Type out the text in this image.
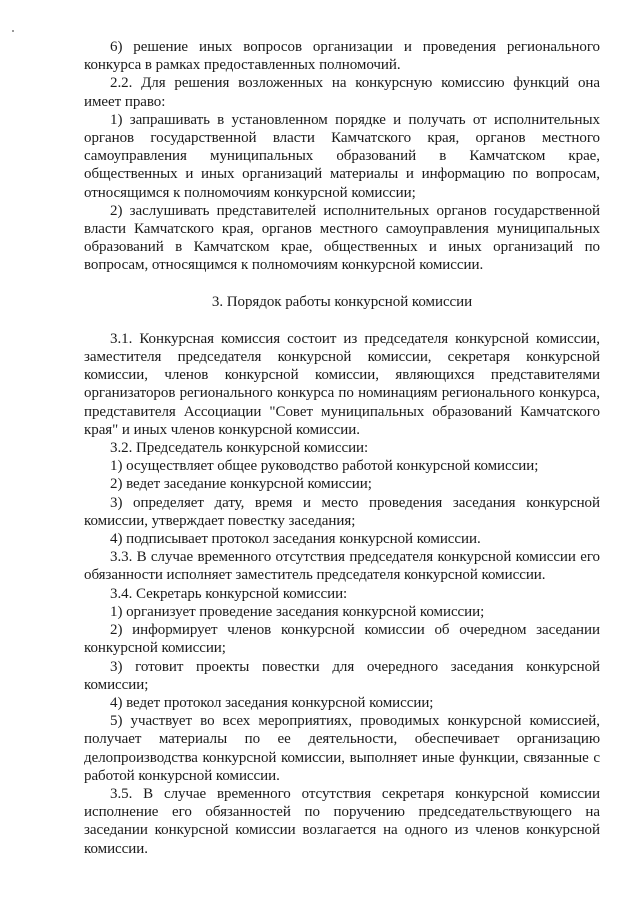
6) решение иных вопросов организации и проведения регионального конкурса в рамках предоставленных полномочий.

2.2. Для решения возложенных на конкурсную комиссию функций она имеет право:

1) запрашивать в установленном порядке и получать от исполнительных органов государственной власти Камчатского края, органов местного самоуправления муниципальных образований в Камчатском крае, общественных и иных организаций материалы и информацию по вопросам, относящимся к полномочиям конкурсной комиссии;

2) заслушивать представителей исполнительных органов государственной власти Камчатского края, органов местного самоуправления муниципальных образований в Камчатском крае, общественных и иных организаций по вопросам, относящимся к полномочиям конкурсной комиссии.

3. Порядок работы конкурсной комиссии

3.1. Конкурсная комиссия состоит из председателя конкурсной комиссии, заместителя председателя конкурсной комиссии, секретаря конкурсной комиссии, членов конкурсной комиссии, являющихся представителями организаторов регионального конкурса по номинациям регионального конкурса, представителя Ассоциации "Совет муниципальных образований Камчатского края" и иных членов конкурсной комиссии.

3.2. Председатель конкурсной комиссии:

1) осуществляет общее руководство работой конкурсной комиссии;

2) ведет заседание конкурсной комиссии;

3) определяет дату, время и место проведения заседания конкурсной комиссии, утверждает повестку заседания;

4) подписывает протокол заседания конкурсной комиссии.

3.3. В случае временного отсутствия председателя конкурсной комиссии его обязанности исполняет заместитель председателя конкурсной комиссии.

3.4. Секретарь конкурсной комиссии:

1) организует проведение заседания конкурсной комиссии;

2) информирует членов конкурсной комиссии об очередном заседании конкурсной комиссии;

3) готовит проекты повестки для очередного заседания конкурсной комиссии;

4) ведет протокол заседания конкурсной комиссии;

5) участвует во всех мероприятиях, проводимых конкурсной комиссией, получает материалы по ее деятельности, обеспечивает организацию делопроизводства конкурсной комиссии, выполняет иные функции, связанные с работой конкурсной комиссии.

3.5. В случае временного отсутствия секретаря конкурсной комиссии исполнение его обязанностей по поручению председательствующего на заседании конкурсной комиссии возлагается на одного из членов конкурсной комиссии.
